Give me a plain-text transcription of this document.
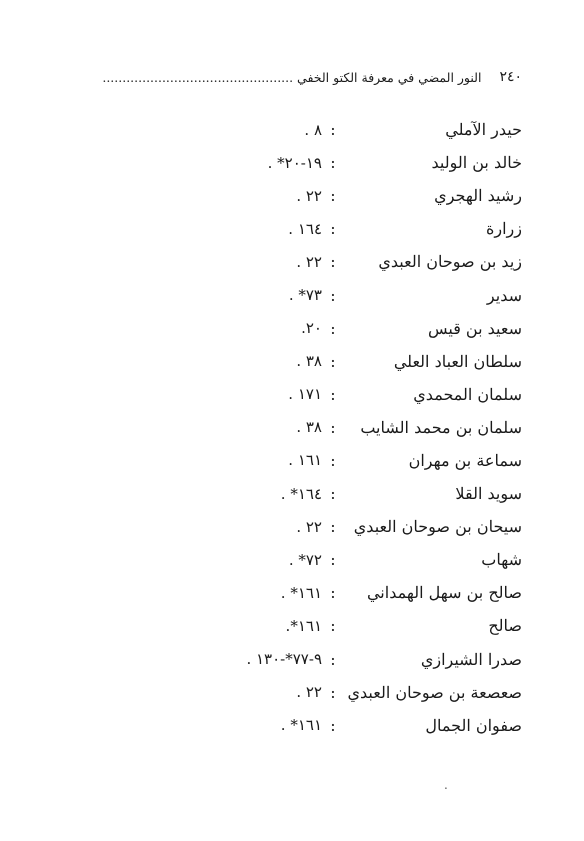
٢٤٠
النور المضي في معرفة الكتو الخفي ................................................
حيدر الآملي
:
٨ .
خالد بن الوليد
:
١٩-٢٠* .
رشيد الهجري
:
٢٢ .
زرارة
:
١٦٤ .
زيد بن صوحان العبدي
:
٢٢ .
سدير
:
٧٣* .
سعيد بن قيس
:
٢٠.
سلطان العباد العلي
:
٣٨ .
سلمان المحمدي
:
١٧١ .
سلمان بن محمد الشايب
:
٣٨ .
سماعة بن مهران
:
١٦١ .
سويد القلا
:
١٦٤* .
سيحان بن صوحان العبدي
:
٢٢ .
شهاب
:
٧٢* .
صالح بن سهل الهمداني
:
١٦١* .
صالح
:
١٦١*.
صدرا الشيرازي
:
٩-٧٧*-١٣٠ .
صعصعة بن صوحان العبدي
:
٢٢ .
صفوان الجمال
:
١٦١* .
.
